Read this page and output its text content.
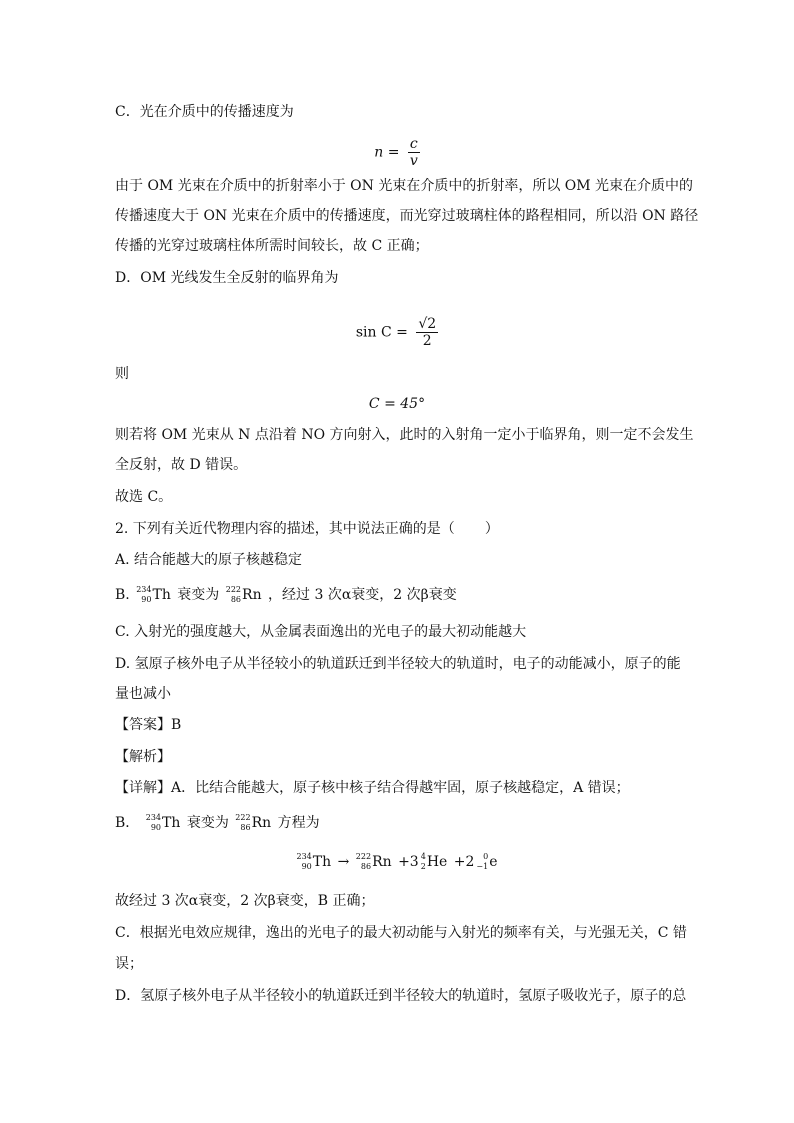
C．光在介质中的传播速度为
$n = \frac{c}{v}$
由于 OM 光束在介质中的折射率小于 ON 光束在介质中的折射率，所以 OM 光束在介质中的
传播速度大于 ON 光束在介质中的传播速度，而光穿过玻璃柱体的路程相同，所以沿 ON 路径
传播的光穿过玻璃柱体所需时间较长，故 C 正确；
D．OM 光线发生全反射的临界角为
$\sin C = \frac{√2}{2}$
则
C = 45°
则若将 OM 光束从 N 点沿着 NO 方向射入，此时的入射角一定小于临界角，则一定不会发生
全反射，故 D 错误。
故选 C。
2. 下列有关近代物理内容的描述，其中说法正确的是（ ）
A. 结合能越大的原子核越稳定
B. 234
90 Th 衰变为 222
86 Rn ，经过 3 次α衰变，2 次β衰变
C. 入射光的强度越大，从金属表面逸出的光电子的最大初动能越大
D. 氢原子核外电子从半径较小的轨道跃迁到半径较大的轨道时，电子的动能减小，原子的能
量也减小
【答案】B
【解析】
【详解】A．比结合能越大，原子核中核子结合得越牢固，原子核越稳定，A 错误；
B． 234
90 Th 衰变为 222
86 Rn 方程为
234
90 Th → 222
86 Rn +3 4
2 He +2	0
−1 e
故经过 3 次α衰变，2 次β衰变，B 正确；
C．根据光电效应规律，逸出的光电子的最大初动能与入射光的频率有关，与光强无关，C 错
误；
D．氢原子核外电子从半径较小的轨道跃迁到半径较大的轨道时，氢原子吸收光子，原子的总
